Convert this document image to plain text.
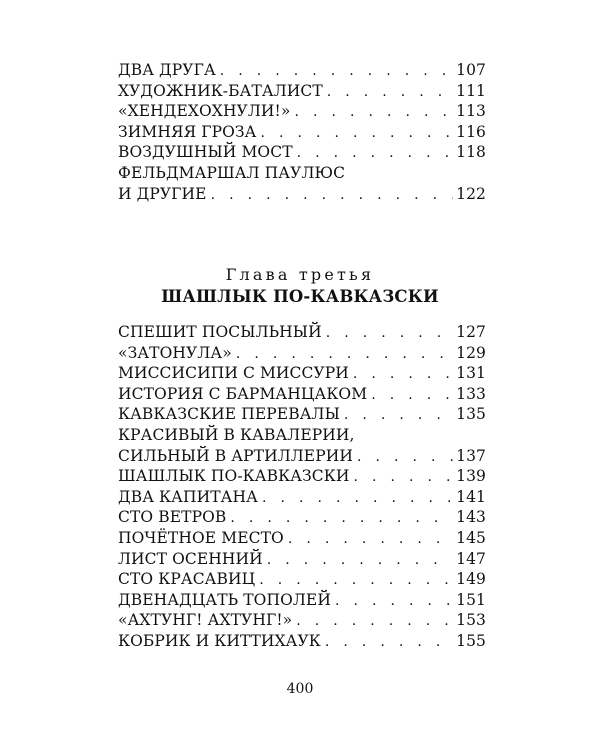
ДВА ДРУГА . . .	107
ХУДОЖНИК-БАТАЛИСТ . . .	111
«ХЕНДЕХОХНУЛИ!» . . .	113
ЗИМНЯЯ ГРОЗА . . .	116
ВОЗДУШНЫЙ МОСТ . . .	118
ФЕЛЬДМАРШАЛ ПАУЛЮС
И ДРУГИЕ . . .	122
Глава третья
ШАШЛЫК ПО-КАВКАЗСКИ
СПЕШИТ ПОСЫЛЬНЫЙ . . .	127
«ЗАТОНУЛА» . . .	129
МИССИСИПИ С МИССУРИ . . .	131
ИСТОРИЯ С БАРМАНЦАКОМ . . .	133
КАВКАЗСКИЕ ПЕРЕВАЛЫ . . .	135
КРАСИВЫЙ В КАВАЛЕРИИ,
СИЛЬНЫЙ В АРТИЛЛЕРИИ . . .	137
ШАШЛЫК ПО-КАВКАЗСКИ . . .	139
ДВА КАПИТАНА . . .	141
СТО ВЕТРОВ . . .	143
ПОЧЁТНОЕ МЕСТО . . .	145
ЛИСТ ОСЕННИЙ . . .	147
СТО КРАСАВИЦ . . .	149
ДВЕНАДЦАТЬ ТОПОЛЕЙ . . .	151
«АХТУНГ! АХТУНГ!» . . .	153
КОБРИК И КИТТИХАУК . . .	155
400
